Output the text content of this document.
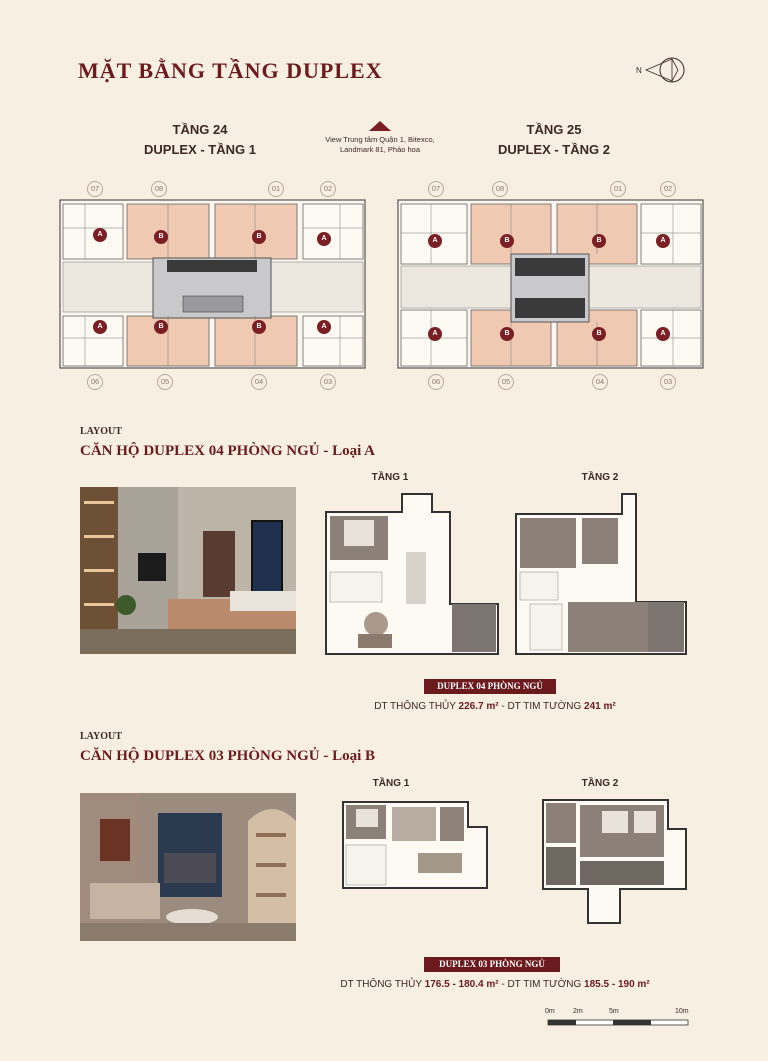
MẶT BẰNG TẦNG DUPLEX	N
TẦNG 24
DUPLEX - TẦNG 1
TẦNG 25
DUPLEX - TẦNG 2
View Trung tâm Quận 1, Bitexco,
Landmark 81, Pháo hoa
07	08	01	02
06	05	04	03
A	B	B	A
A	B	B	A
07	08	01	02
06	05	04	03
A	B	B	A
A	B	B	A
LAYOUT
CĂN HỘ DUPLEX 04 PHÒNG NGỦ - Loại A
TẦNG 1	TẦNG 2
DUPLEX 04 PHÒNG NGỦ
DT THÔNG THỦY 226.7 m² - DT TIM TƯỜNG 241 m²
LAYOUT
CĂN HỘ DUPLEX 03 PHÒNG NGỦ - Loại B
TẦNG 1	TẦNG 2
DUPLEX 03 PHÒNG NGỦ
DT THÔNG THỦY 176.5 - 180.4 m² - DT TIM TƯỜNG 185.5 - 190 m²
0m	2m	5m	10m
